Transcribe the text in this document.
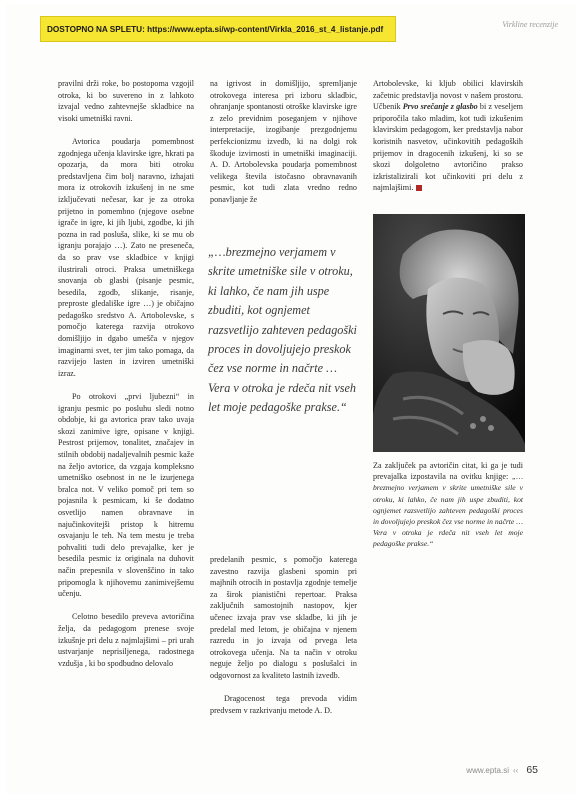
DOSTOPNO NA SPLETU: https://www.epta.si/wp-content/Virkla_2016_st_4_listanje.pdf
Virkline recenzije

pravilni drži roke, bo postopoma vzgojil otroka, ki bo suvereno in z lahkoto izvajal vedno zahtevnejše skladbice na visoki umetniški ravni.

Avtorica poudarja pomembnost zgodnjega učenja klavirske igre, hkrati pa opozarja, da mora biti otroku predstavljena čim bolj naravno, izhajati mora iz otrokovih izkušenj in ne sme izključevati nečesar, kar je za otroka prijetno in pomembno (njegove osebne igrače in igre, ki jih ljubi, zgodbe, ki jih pozna in rad posluša, slike, ki se mu ob igranju porajajo …). Zato ne preseneča, da so prav vse skladbice v knjigi ilustrirali otroci. Praksa umetniškega snovanja ob glasbi (pisanje pesmic, besedila, zgodb, slikanje, risanje, preproste gledališke igre …) je običajno pedagoško sredstvo A. Artobolevske, s pomočjo katerega razvija otrokovo domišljijo in dgabo umešča v njegov imaginarni svet, ter jim tako pomaga, da razvijejo lasten in izviren umetniški izraz.

Po otrokovi „prvi ljubezni“ in igranju pesmic po posluhu sledi notno obdobje, ki ga avtorica prav tako uvaja skozi zanimive igre, opisane v knjigi. Pestrost prijemov, tonalitet, značajev in stilnih obdobij nadaljevalnih pesmic kaže na željo avtorice, da vzgaja kompleksno umetniško osebnost in ne le izurjenega bralca not. V veliko pomoč pri tem so pojasnila k pesmicam, ki še dodatno osvetlijo namen obravnave in najučinkovitejši pristop k hitremu osvajanju le teh. Na tem mestu je treba pohvaliti tudi delo prevajalke, ker je besedila pesmic iz originala na duhovit način prepesnila v slovenščino in tako pripomogla k njihovemu zanimivejšemu učenju.

Celotno besedilo preveva avtoričina želja, da pedagogom prenese svoje izkušnje pri delu z najmlajšimi – pri urah ustvarjanje neprisiljenega, radostnega vzdušja , ki bo spodbudno delovalo

na igrivost in domišljijo, spremljanje otrokovega interesa pri izboru skladbic, ohranjanje spontanosti otroške klavirske igre z zelo previdnim poseganjem v njihove interpretacije, izogibanje prezgodnjemu perfekcionizmu izvedb, ki na dolgi rok škoduje izvirnosti in umetniški imaginaciji. A. D. Artobolevska poudarja pomembnost velikega števila istočasno obravnavanih pesmic, kot tudi zlata vredno redno ponavljanje že

„…brezmejno verjamem v skrite umetniške sile v otroku, ki lahko, če nam jih uspe zbuditi, kot ognjemet razsvetlijo zahteven pedagoški proces in dovoljujejo preskok čez vse norme in načrte …Vera v otroka je rdeča nit vseh let moje pedagoške prakse.“

predelanih pesmic, s pomočjo katerega zavestno razvija glasbeni spomin pri majhnih otrocih in postavlja zgodnje temelje za širok pianistični repertoar. Praksa zaključnih samostojnih nastopov, kjer učenec izvaja prav vse skladbe, ki jih je predelal med letom, je običajna v njenem razredu in jo izvaja od prvega leta otrokovega učenja. Na ta način v otroku neguje željo po dialogu s poslušalci in odgovornost za kvaliteto lastnih izvedb.

Dragocenost tega prevoda vidim predvsem v razkrivanju metode A. D.

Artobolevske, ki kljub obilici klavirskih začetnic predstavlja novost v našem prostoru. Učbenik Prvo srečanje z glasbo bi z veseljem priporočila tako mladim, kot tudi izkušenim klavirskim pedagogom, ker predstavlja nabor koristnih nasvetov, učinkovitih pedagoških prijemov in dragocenih izkušenj, ki so se skozi dolgoletno avtoričino prakso izkristalizirali kot učinkoviti pri delu z najmlajšimi.

Za zaključek pa avtoričin citat, ki ga je tudi prevajalka izpostavila na ovitku knjige: „…brezmejno verjamem v skrite umetniške sile v otroku, ki lahko, če nam jih uspe zbuditi, kot ognjemet razsvetlijo zahteven pedagoški proces in dovoljujejo preskok čez vse norme in načrte …Vera v otroka je rdeča nit vseh let moje pedagoške prakse.“
www.epta.si ‹‹ 65
